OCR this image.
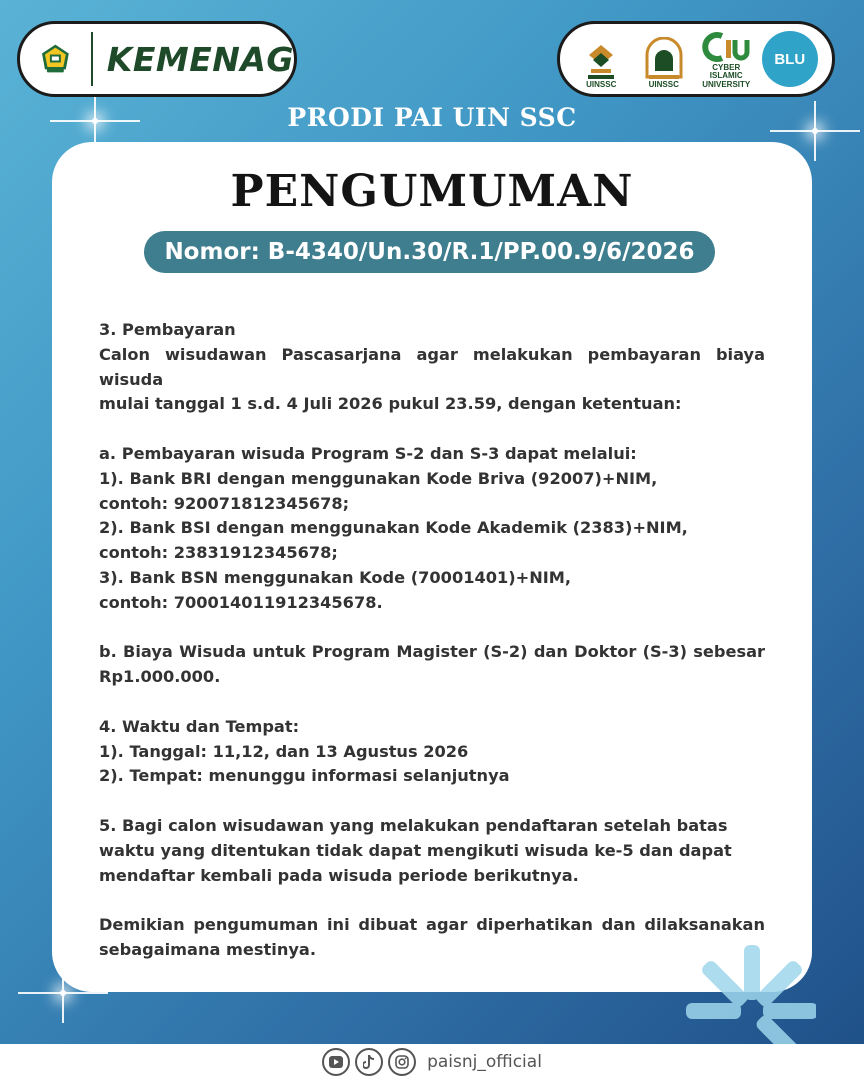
KEMENAG
UINSSC	UINSSC
CYBER ISLAMIC UNIVERSITY
BLU
PRODI PAI UIN SSC
PENGUMUMAN
Nomor: B-4340/Un.30/R.1/PP.00.9/6/2026
3. Pembayaran
Calon wisudawan Pascasarjana agar melakukan pembayaran biaya wisuda
mulai tanggal 1 s.d. 4 Juli 2026 pukul 23.59, dengan ketentuan:
a. Pembayaran wisuda Program S-2 dan S-3 dapat melalui:
1). Bank BRI dengan menggunakan Kode Briva (92007)+NIM,
contoh: 920071812345678;
2). Bank BSI dengan menggunakan Kode Akademik (2383)+NIM,
contoh: 23831912345678;
3). Bank BSN menggunakan Kode (70001401)+NIM,
contoh: 700014011912345678.
b. Biaya Wisuda untuk Program Magister (S-2) dan Doktor (S-3) sebesar
Rp1.000.000.
4. Waktu dan Tempat:
1). Tanggal: 11,12, dan 13 Agustus 2026
2). Tempat: menunggu informasi selanjutnya
5. Bagi calon wisudawan yang melakukan pendaftaran setelah batas
waktu yang ditentukan tidak dapat mengikuti wisuda ke-5 dan dapat
mendaftar kembali pada wisuda periode berikutnya.
Demikian pengumuman ini dibuat agar diperhatikan dan dilaksanakan
sebagaimana mestinya.
paisnj_official
